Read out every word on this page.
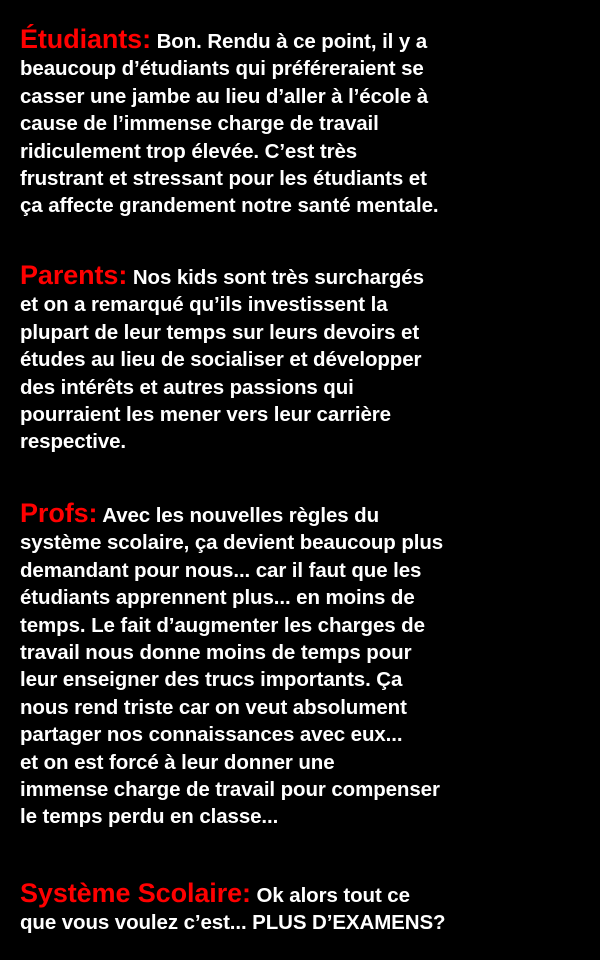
Étudiants: Bon. Rendu à ce point, il y a
beaucoup d’étudiants qui préféreraient se
casser une jambe au lieu d’aller à l’école à
cause de l’immense charge de travail
ridiculement trop élevée. C’est très
frustrant et stressant pour les étudiants et
ça affecte grandement notre santé mentale.
Parents: Nos kids sont très surchargés
et on a remarqué qu’ils investissent la
plupart de leur temps sur leurs devoirs et
études au lieu de socialiser et développer
des intérêts et autres passions qui
pourraient les mener vers leur carrière
respective.
Profs: Avec les nouvelles règles du
système scolaire, ça devient beaucoup plus
demandant pour nous... car il faut que les
étudiants apprennent plus... en moins de
temps. Le fait d’augmenter les charges de
travail nous donne moins de temps pour
leur enseigner des trucs importants. Ça
nous rend triste car on veut absolument
partager nos connaissances avec eux...
et on est forcé à leur donner une
immense charge de travail pour compenser
le temps perdu en classe...
Système Scolaire: Ok alors tout ce
que vous voulez c’est... PLUS D’EXAMENS?
